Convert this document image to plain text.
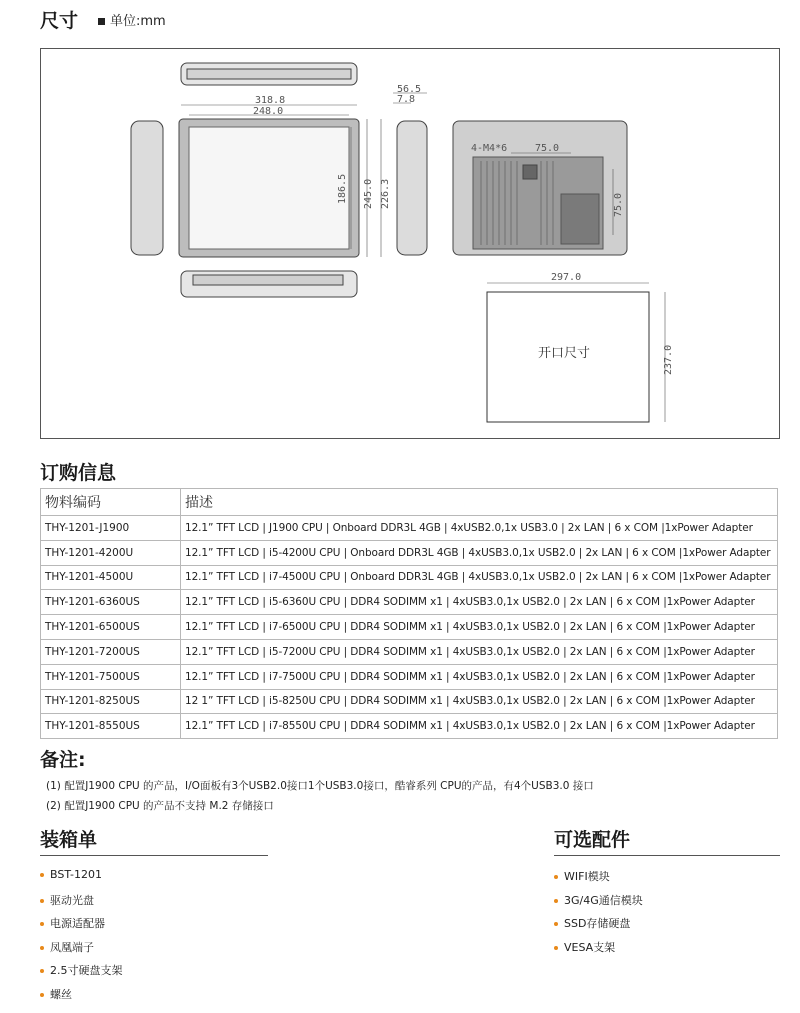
尺寸	单位:mm
318.8
248.0
56.5
7.8
186.5 245.0 226.3
4-M4*6	75.0
75.0
297.0
237.0
开口尺寸
订购信息
物料编码	描述
THY-1201-J1900	12.1” TFT LCD | J1900 CPU | Onboard DDR3L 4GB | 4xUSB2.0,1x USB3.0 | 2x LAN | 6 x COM |1xPower Adapter
THY-1201-4200U	12.1” TFT LCD | i5-4200U CPU | Onboard DDR3L 4GB | 4xUSB3.0,1x USB2.0 | 2x LAN | 6 x COM |1xPower Adapter
THY-1201-4500U	12.1” TFT LCD | i7-4500U CPU | Onboard DDR3L 4GB | 4xUSB3.0,1x USB2.0 | 2x LAN | 6 x COM |1xPower Adapter
THY-1201-6360US	12.1” TFT LCD | i5-6360U CPU | DDR4 SODIMM x1 | 4xUSB3.0,1x USB2.0 | 2x LAN | 6 x COM |1xPower Adapter
THY-1201-6500US	12.1” TFT LCD | i7-6500U CPU | DDR4 SODIMM x1 | 4xUSB3.0,1x USB2.0 | 2x LAN | 6 x COM |1xPower Adapter
THY-1201-7200US	12.1” TFT LCD | i5-7200U CPU | DDR4 SODIMM x1 | 4xUSB3.0,1x USB2.0 | 2x LAN | 6 x COM |1xPower Adapter
THY-1201-7500US	12.1” TFT LCD | i7-7500U CPU | DDR4 SODIMM x1 | 4xUSB3.0,1x USB2.0 | 2x LAN | 6 x COM |1xPower Adapter
THY-1201-8250US	12 1” TFT LCD | i5-8250U CPU | DDR4 SODIMM x1 | 4xUSB3.0,1x USB2.0 | 2x LAN | 6 x COM |1xPower Adapter
THY-1201-8550US	12.1” TFT LCD | i7-8550U CPU | DDR4 SODIMM x1 | 4xUSB3.0,1x USB2.0 | 2x LAN | 6 x COM |1xPower Adapter
备注:
(1) 配置J1900 CPU 的产品，I/O面板有3个USB2.0接口1个USB3.0接口，酷睿系列 CPU的产品，有4个USB3.0 接口
(2) 配置J1900 CPU 的产品不支持 M.2 存储接口
装箱单
BST-1201
驱动光盘
电源适配器
凤凰端子
2.5寸硬盘支架
螺丝
可选配件
WIFI模块
3G/4G通信模块
SSD存储硬盘
VESA支架
